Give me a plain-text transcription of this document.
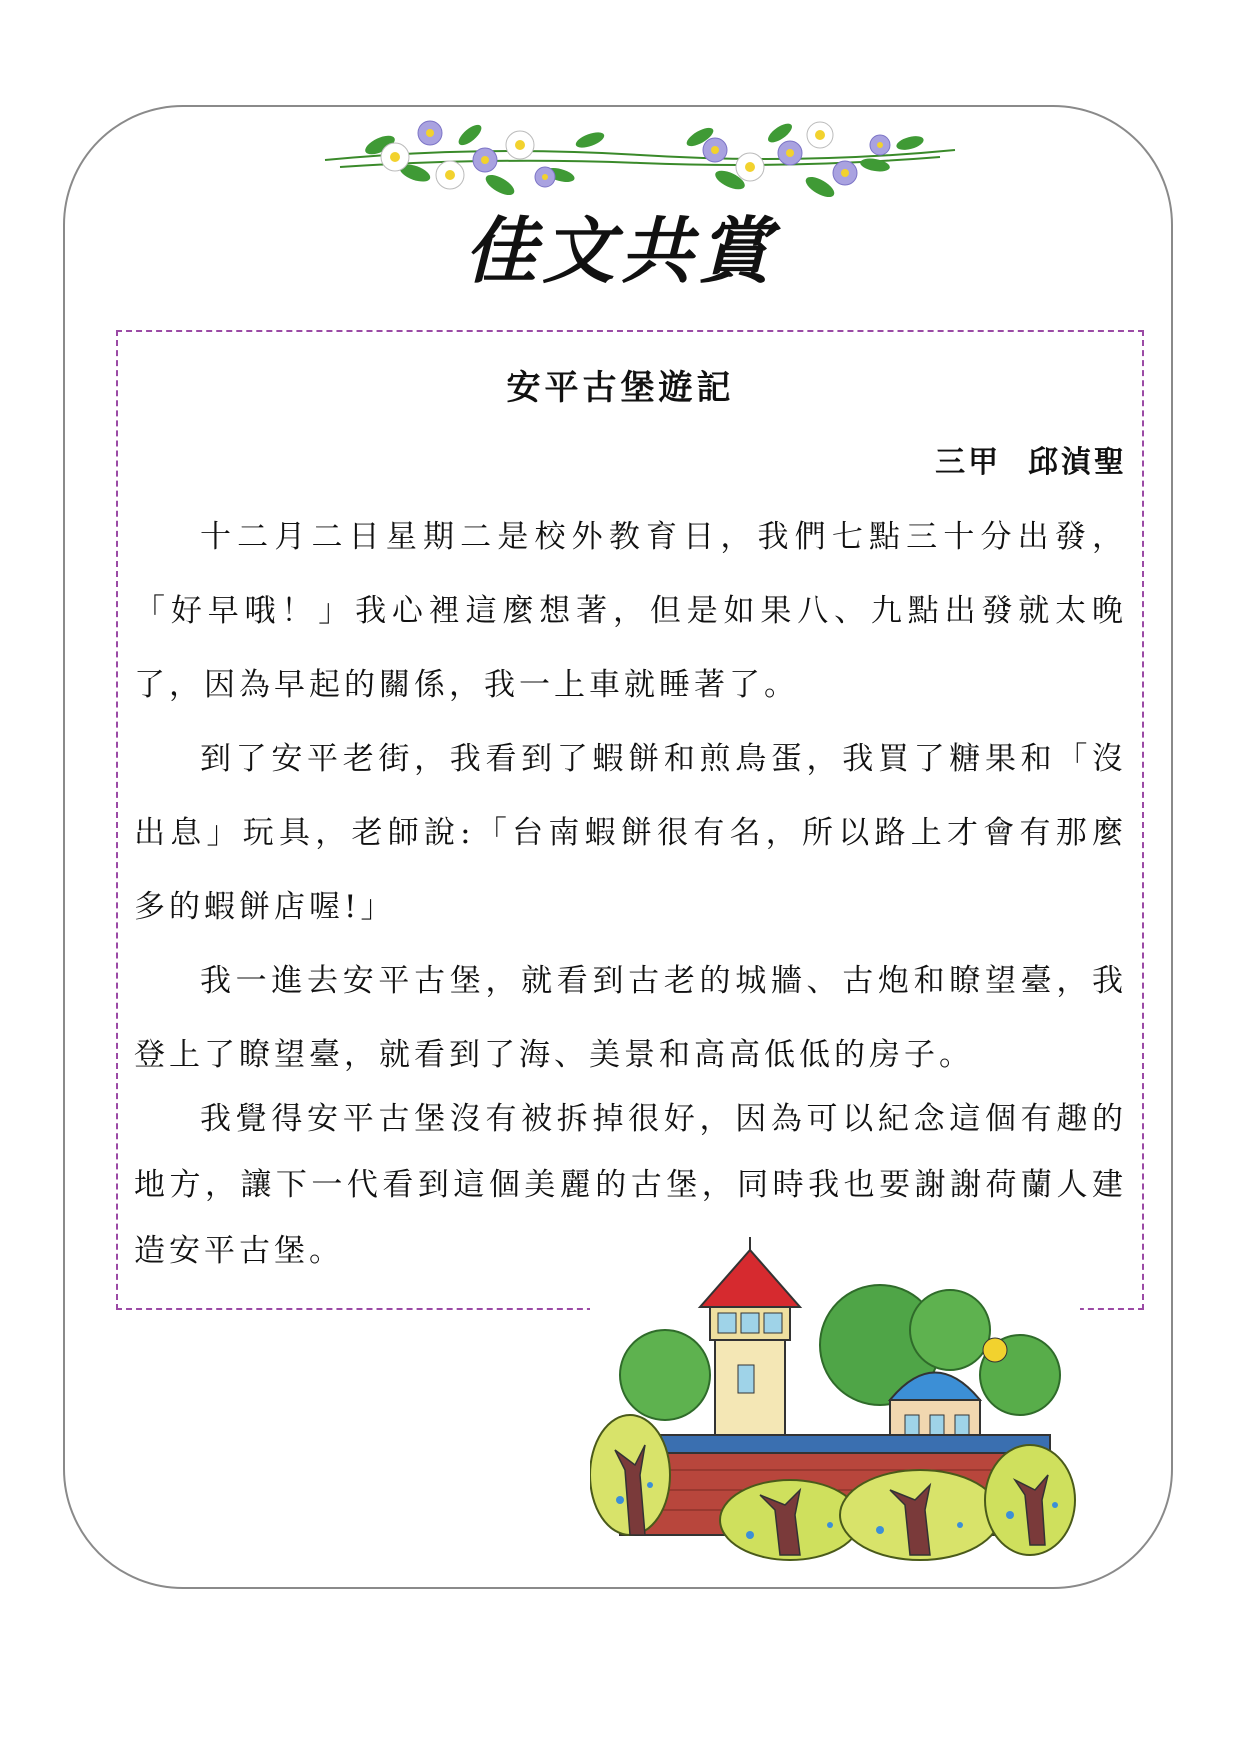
佳文共賞
安平古堡遊記
三甲  邱湞聖

十二月二日星期二是校外教育日，我們七點三十分出發，「好早哦！」我心裡這麼想著，但是如果八、九點出發就太晚了，因為早起的關係，我一上車就睡著了。

到了安平老街，我看到了蝦餅和煎鳥蛋，我買了糖果和「沒出息」玩具，老師說:「台南蝦餅很有名，所以路上才會有那麼多的蝦餅店喔!」

我一進去安平古堡，就看到古老的城牆、古炮和瞭望臺，我登上了瞭望臺，就看到了海、美景和高高低低的房子。

我覺得安平古堡沒有被拆掉很好，因為可以紀念這個有趣的地方，讓下一代看到這個美麗的古堡，同時我也要謝謝荷蘭人建造安平古堡。
